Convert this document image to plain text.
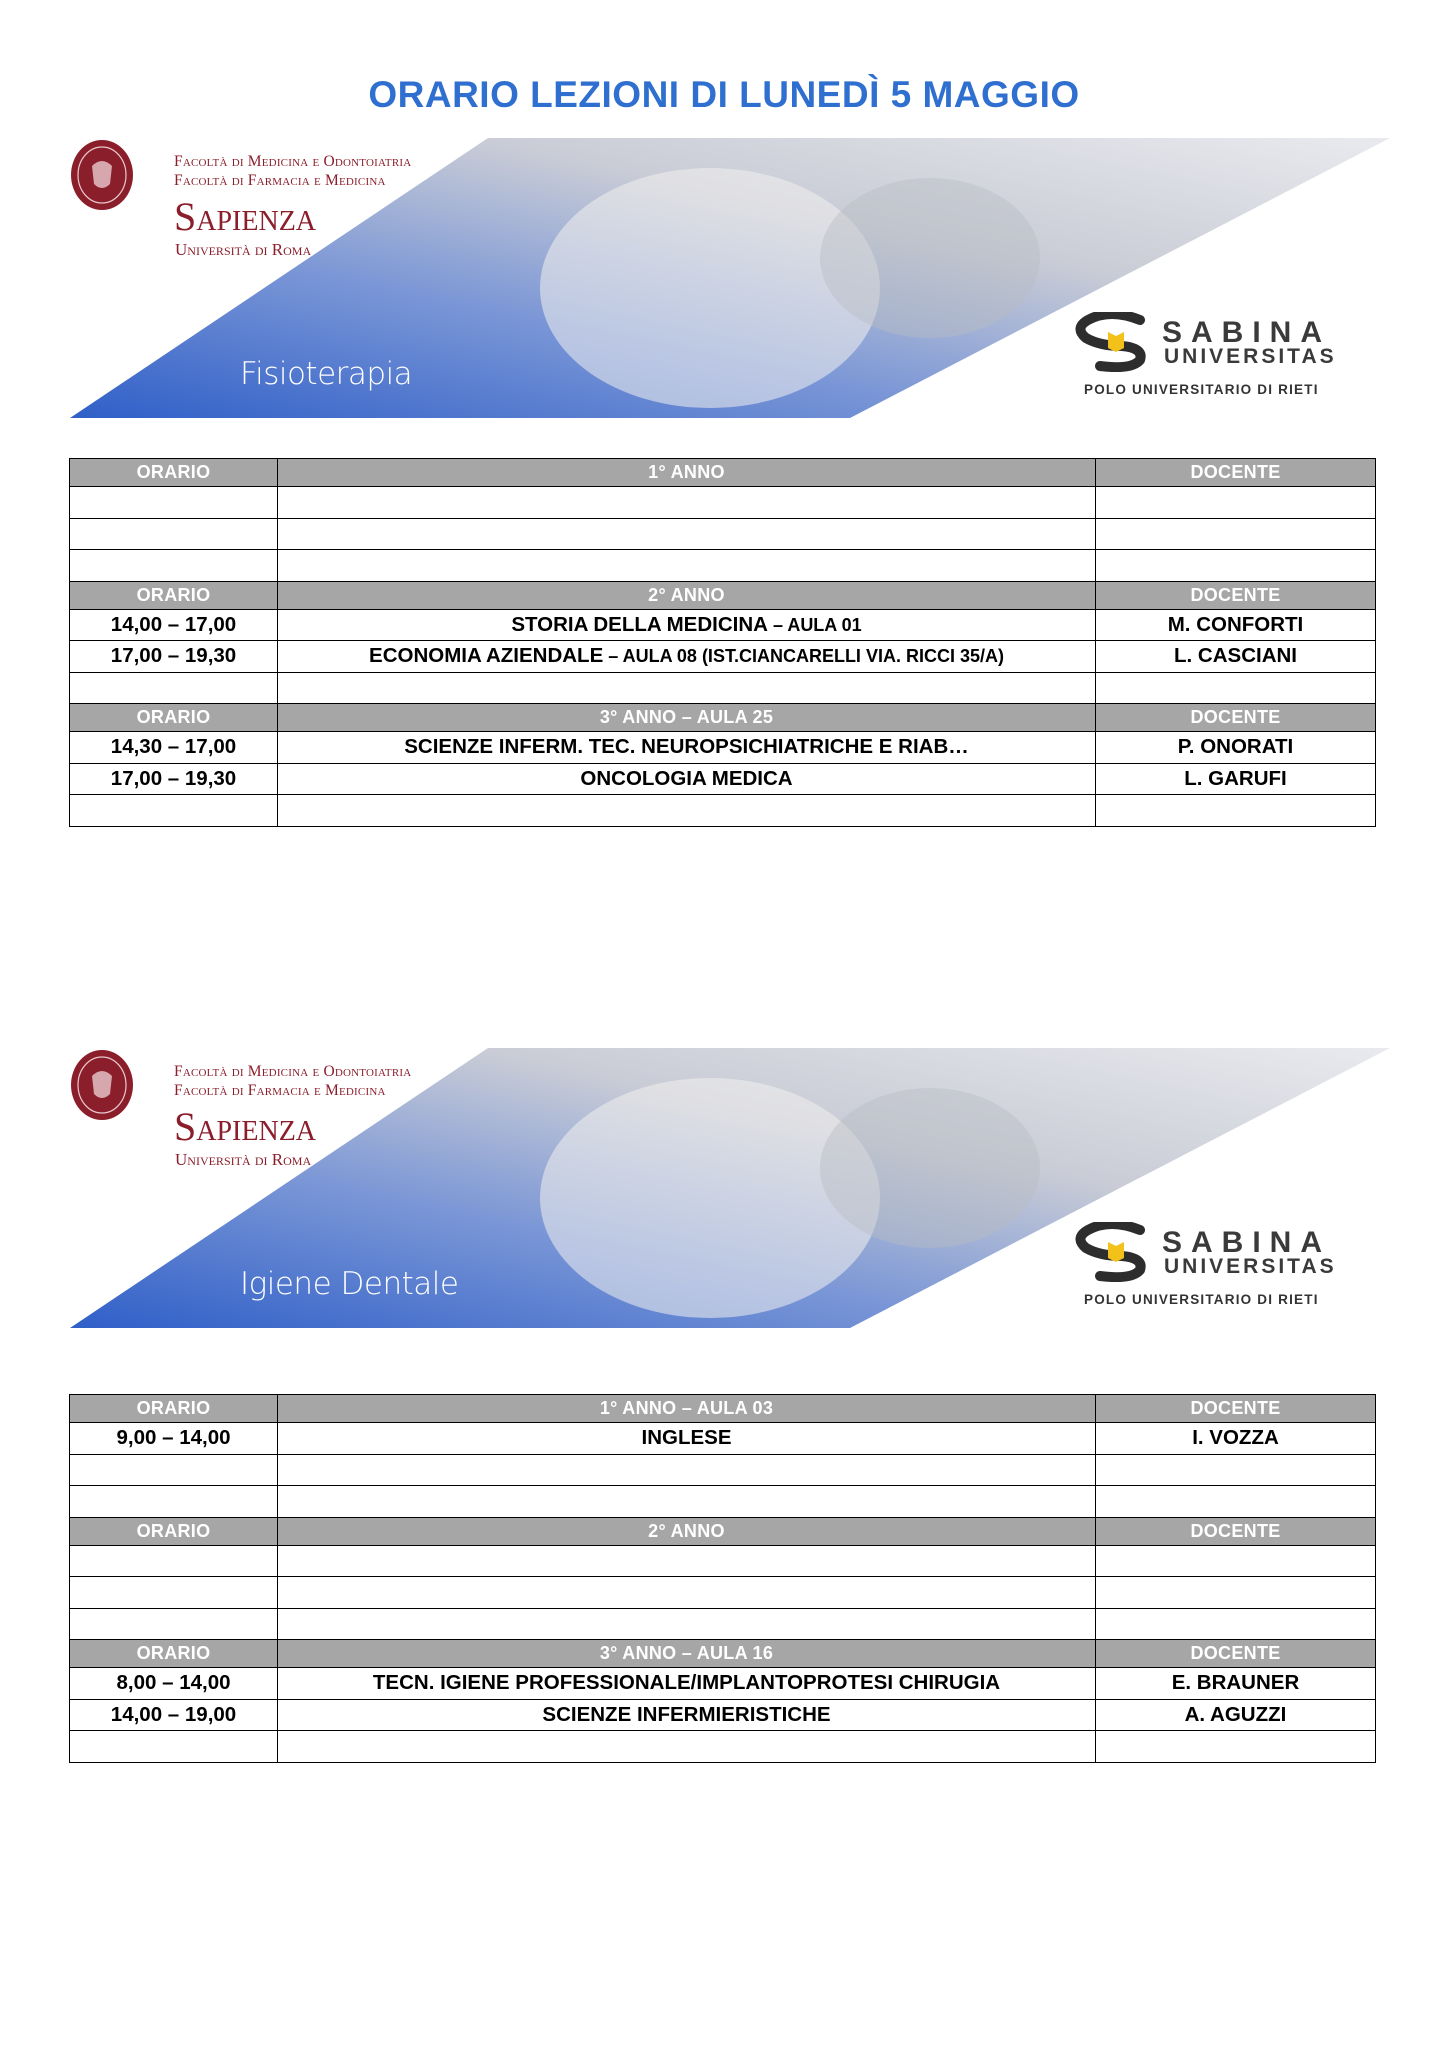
ORARIO LEZIONI DI LUNEDÌ 5 MAGGIO
Facoltà di Medicina e Odontoiatria
Facoltà di Farmacia e Medicina
Sapienza
Università di Roma
Fisioterapia
SABINA
UNIVERSITAS
POLO UNIVERSITARIO DI RIETI
ORARIO	1° ANNO	DOCENTE

ORARIO	2° ANNO	DOCENTE
14,00 – 17,00	STORIA DELLA MEDICINA – AULA 01	M. CONFORTI
17,00 – 19,30	ECONOMIA AZIENDALE – AULA 08 (IST.CIANCARELLI VIA. RICCI 35/A)	L. CASCIANI

ORARIO	3° ANNO – AULA 25	DOCENTE
14,30 – 17,00	SCIENZE INFERM. TEC. NEUROPSICHIATRICHE E RIAB…	P. ONORATI
17,00 – 19,30	ONCOLOGIA MEDICA	L. GARUFI

Facoltà di Medicina e Odontoiatria
Facoltà di Farmacia e Medicina
Sapienza
Università di Roma
Igiene Dentale
SABINA
UNIVERSITAS
POLO UNIVERSITARIO DI RIETI
ORARIO	1° ANNO – AULA 03	DOCENTE
9,00 – 14,00	INGLESE	I. VOZZA

ORARIO	2° ANNO	DOCENTE

ORARIO	3° ANNO – AULA 16	DOCENTE
8,00 – 14,00	TECN. IGIENE PROFESSIONALE/IMPLANTOPROTESI CHIRUGIA	E. BRAUNER
14,00 – 19,00	SCIENZE INFERMIERISTICHE	A. AGUZZI
